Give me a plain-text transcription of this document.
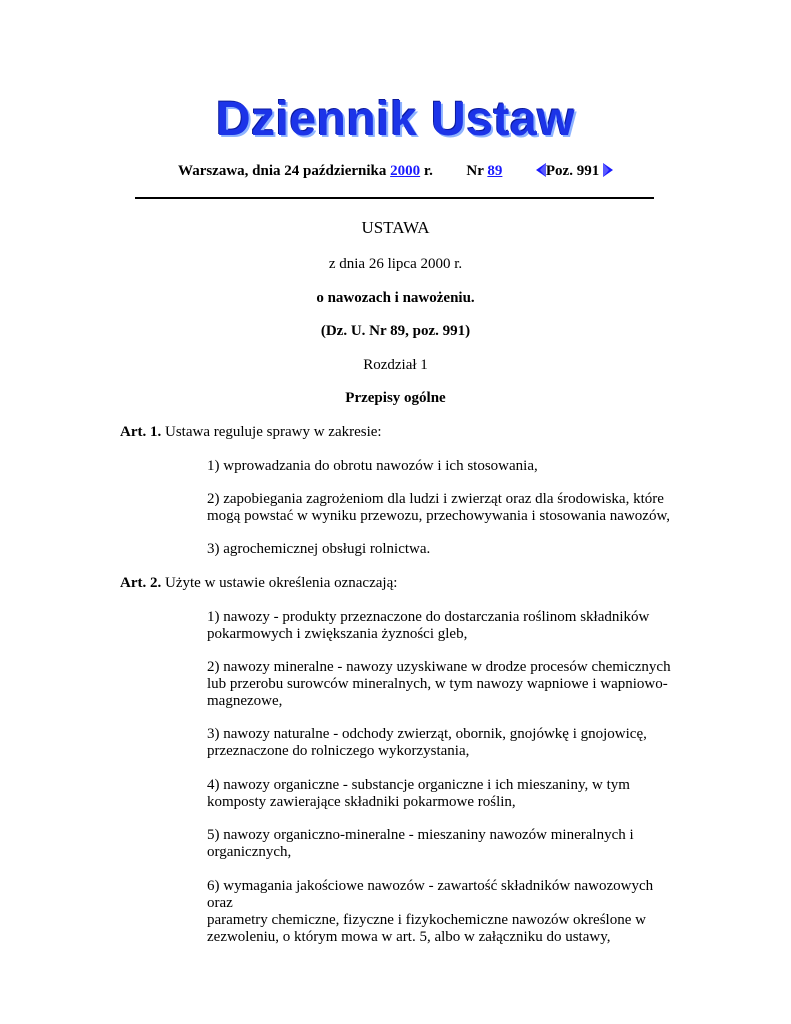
Dziennik Ustaw
Warszawa, dnia 24 października 2000 r. Nr 89	Poz. 991
USTAWA
z dnia 26 lipca 2000 r.
o nawozach i nawożeniu.
(Dz. U. Nr 89, poz. 991)
Rozdział 1
Przepisy ogólne
Art. 1. Ustawa reguluje sprawy w zakresie:
1) wprowadzania do obrotu nawozów i ich stosowania,
2) zapobiegania zagrożeniom dla ludzi i zwierząt oraz dla środowiska, które
mogą powstać w wyniku przewozu, przechowywania i stosowania nawozów,
3) agrochemicznej obsługi rolnictwa.
Art. 2. Użyte w ustawie określenia oznaczają:
1) nawozy - produkty przeznaczone do dostarczania roślinom składników
pokarmowych i zwiększania żyzności gleb,
2) nawozy mineralne - nawozy uzyskiwane w drodze procesów chemicznych
lub przerobu surowców mineralnych, w tym nawozy wapniowe i wapniowo-
magnezowe,
3) nawozy naturalne - odchody zwierząt, obornik, gnojówkę i gnojowicę,
przeznaczone do rolniczego wykorzystania,
4) nawozy organiczne - substancje organiczne i ich mieszaniny, w tym
komposty zawierające składniki pokarmowe roślin,
5) nawozy organiczno-mineralne - mieszaniny nawozów mineralnych i
organicznych,
6) wymagania jakościowe nawozów - zawartość składników nawozowych oraz
parametry chemiczne, fizyczne i fizykochemiczne nawozów określone w
zezwoleniu, o którym mowa w art. 5, albo w załączniku do ustawy,
